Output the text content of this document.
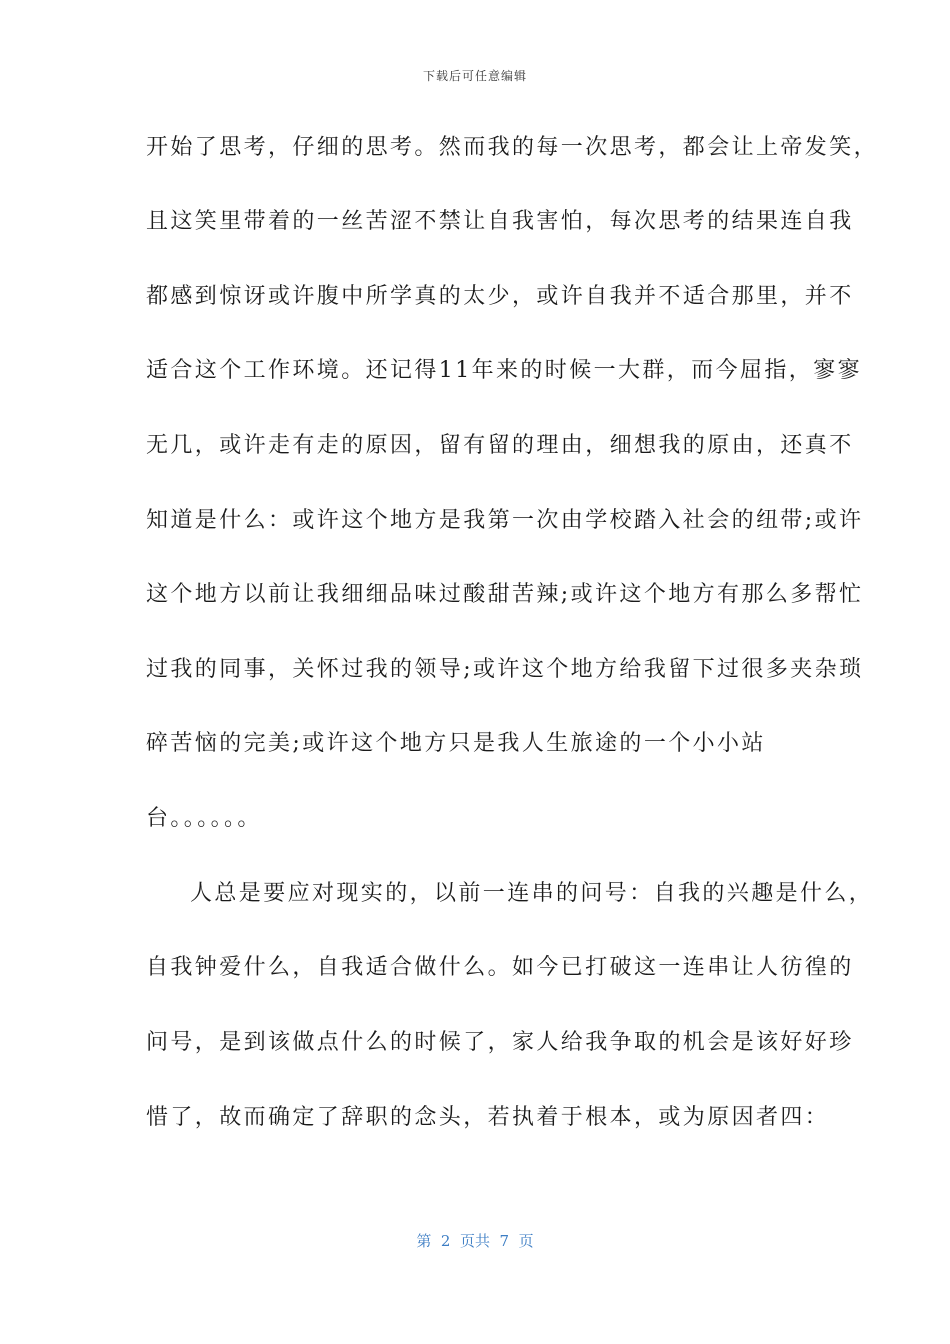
下载后可任意编辑
开始了思考，仔细的思考。然而我的每一次思考，都会让上帝发笑，
且这笑里带着的一丝苦涩不禁让自我害怕，每次思考的结果连自我
都感到惊讶或许腹中所学真的太少，或许自我并不适合那里，并不
适合这个工作环境。还记得11年来的时候一大群，而今屈指，寥寥
无几，或许走有走的原因，留有留的理由，细想我的原由，还真不
知道是什么：或许这个地方是我第一次由学校踏入社会的纽带;或许
这个地方以前让我细细品味过酸甜苦辣;或许这个地方有那么多帮忙
过我的同事，关怀过我的领导;或许这个地方给我留下过很多夹杂琐
碎苦恼的完美;或许这个地方只是我人生旅途的一个小小站
台。。。。。。
人总是要应对现实的，以前一连串的问号：自我的兴趣是什么，
自我钟爱什么，自我适合做什么。如今已打破这一连串让人彷徨的
问号，是到该做点什么的时候了，家人给我争取的机会是该好好珍
惜了，故而确定了辞职的念头，若执着于根本，或为原因者四：
第  2  页共  7  页
